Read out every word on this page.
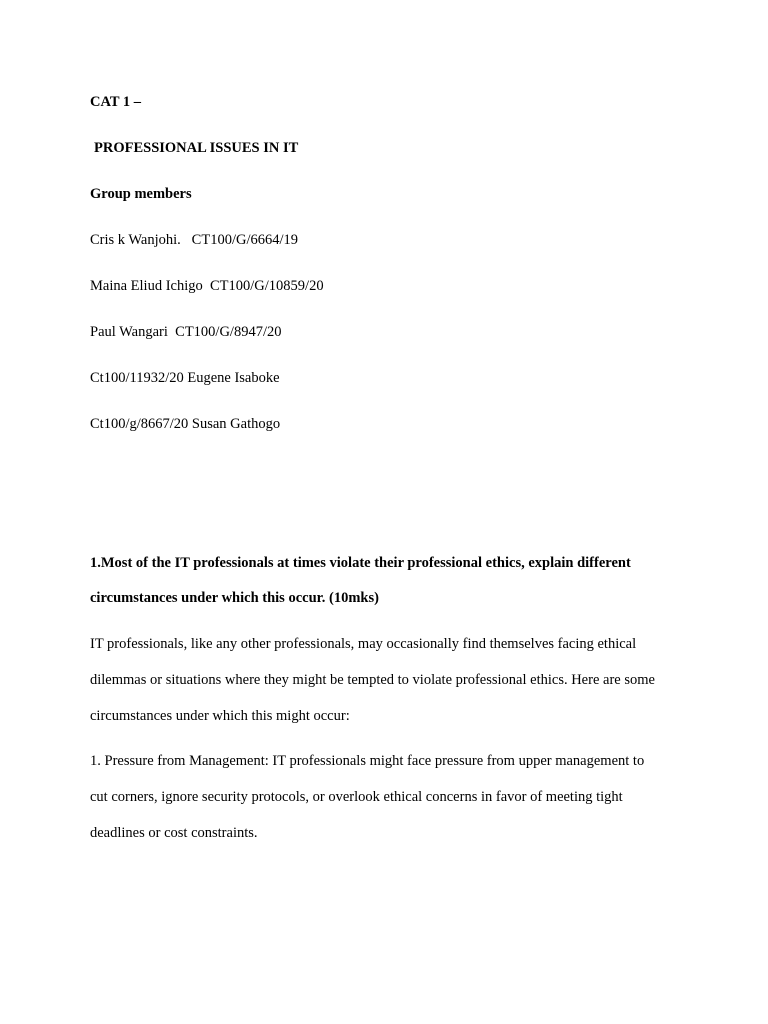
CAT 1 –
PROFESSIONAL ISSUES IN IT
Group members
Cris k Wanjohi.   CT100/G/6664/19
Maina Eliud Ichigo  CT100/G/10859/20
Paul Wangari  CT100/G/8947/20
Ct100/11932/20 Eugene Isaboke
Ct100/g/8667/20 Susan Gathogo
1.Most of the IT professionals at times violate their professional ethics, explain different
circumstances under which this occur. (10mks)
IT professionals, like any other professionals, may occasionally find themselves facing ethical
dilemmas or situations where they might be tempted to violate professional ethics. Here are some
circumstances under which this might occur:
1. Pressure from Management: IT professionals might face pressure from upper management to
cut corners, ignore security protocols, or overlook ethical concerns in favor of meeting tight
deadlines or cost constraints.
